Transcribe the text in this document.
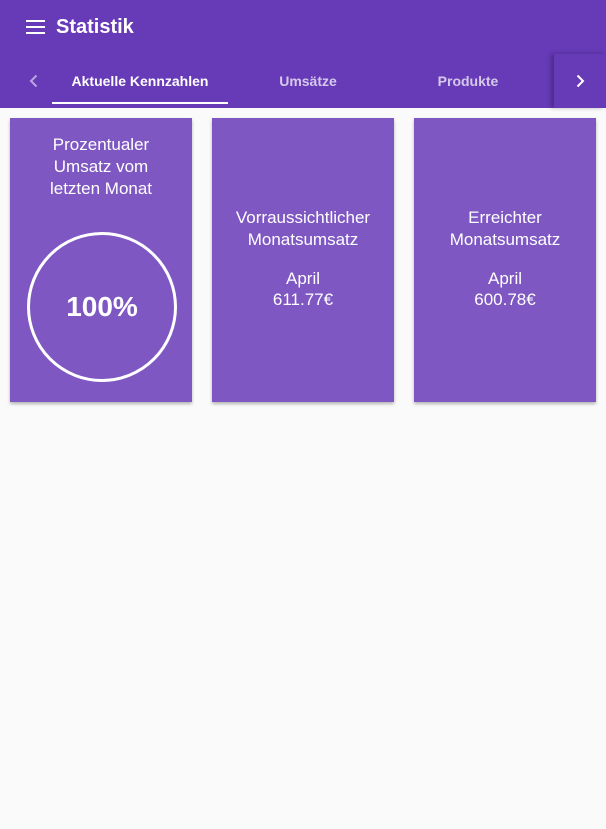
Statistik
Aktuelle Kennzahlen	Umsätze	Produkte
Prozentualer
Umsatz vom
letzten Monat
100%
Vorraussichtlicher
Monatsumsatz
April
611.77€
Erreichter
Monatsumsatz
April
600.78€
